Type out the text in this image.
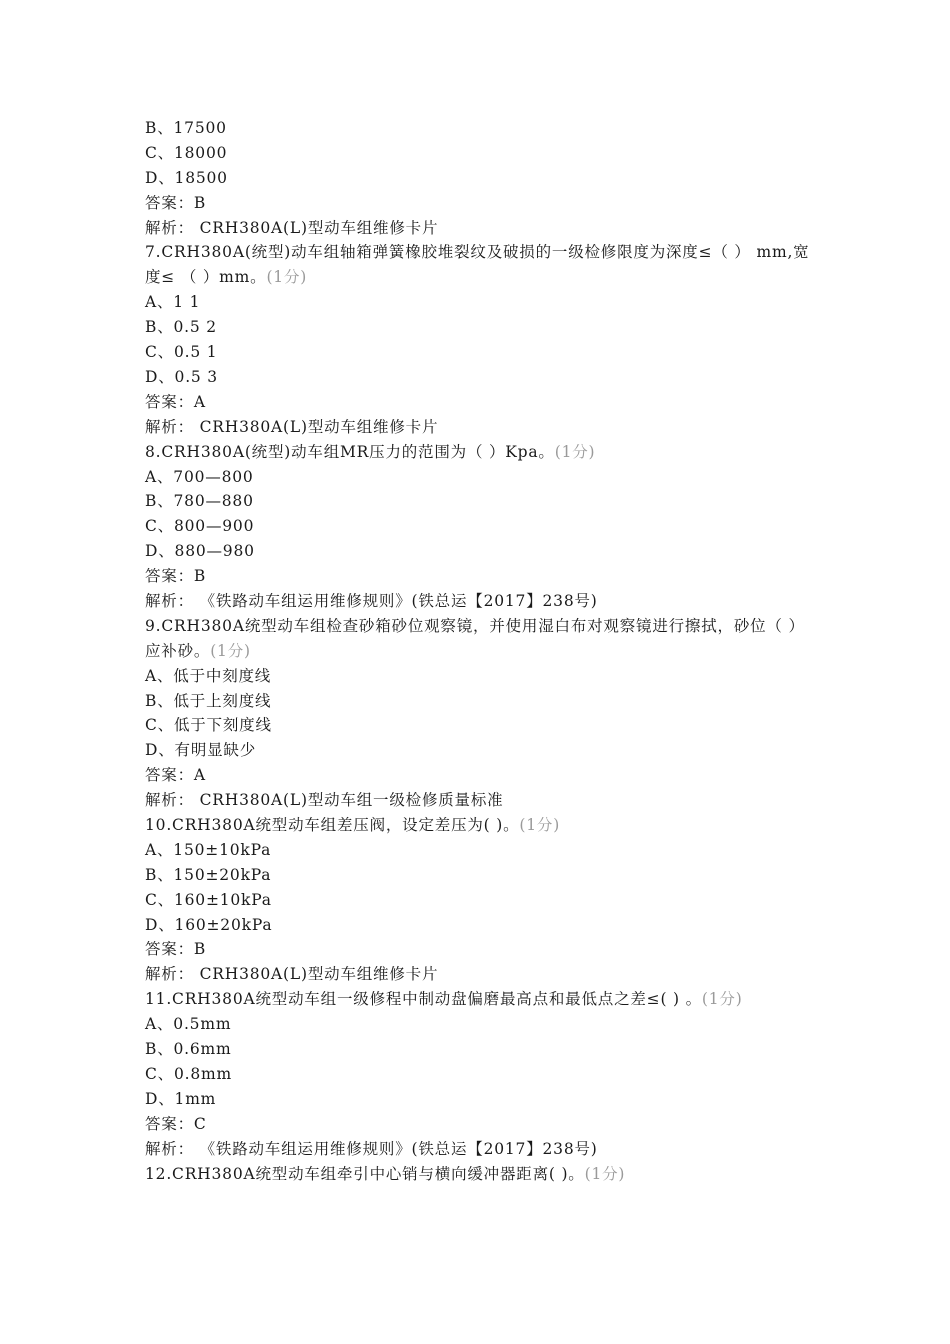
B、17500
C、18000
D、18500
答案：B
解析： CRH380A(L)型动车组维修卡片
7.CRH380A(统型)动车组轴箱弹簧橡胶堆裂纹及破损的一级检修限度为深度≤（ ） mm,宽度≤ （ ）mm。(1分)
A、1 1
B、0.5 2
C、0.5 1
D、0.5 3
答案：A
解析： CRH380A(L)型动车组维修卡片
8.CRH380A(统型)动车组MR压力的范围为（ ）Kpa。(1分)
A、700—800
B、780—880
C、800—900
D、880—980
答案：B
解析： 《铁路动车组运用维修规则》(铁总运【2017】238号)
9.CRH380A统型动车组检查砂箱砂位观察镜，并使用湿白布对观察镜进行擦拭，砂位（ ）应补砂。(1分)
A、低于中刻度线
B、低于上刻度线
C、低于下刻度线
D、有明显缺少
答案：A
解析： CRH380A(L)型动车组一级检修质量标准
10.CRH380A统型动车组差压阀，设定差压为( )。(1分)
A、150±10kPa
B、150±20kPa
C、160±10kPa
D、160±20kPa
答案：B
解析： CRH380A(L)型动车组维修卡片
11.CRH380A统型动车组一级修程中制动盘偏磨最高点和最低点之差≤( ) 。(1分)
A、0.5mm
B、0.6mm
C、0.8mm
D、1mm
答案：C
解析： 《铁路动车组运用维修规则》(铁总运【2017】238号)
12.CRH380A统型动车组牵引中心销与横向缓冲器距离( )。(1分)
